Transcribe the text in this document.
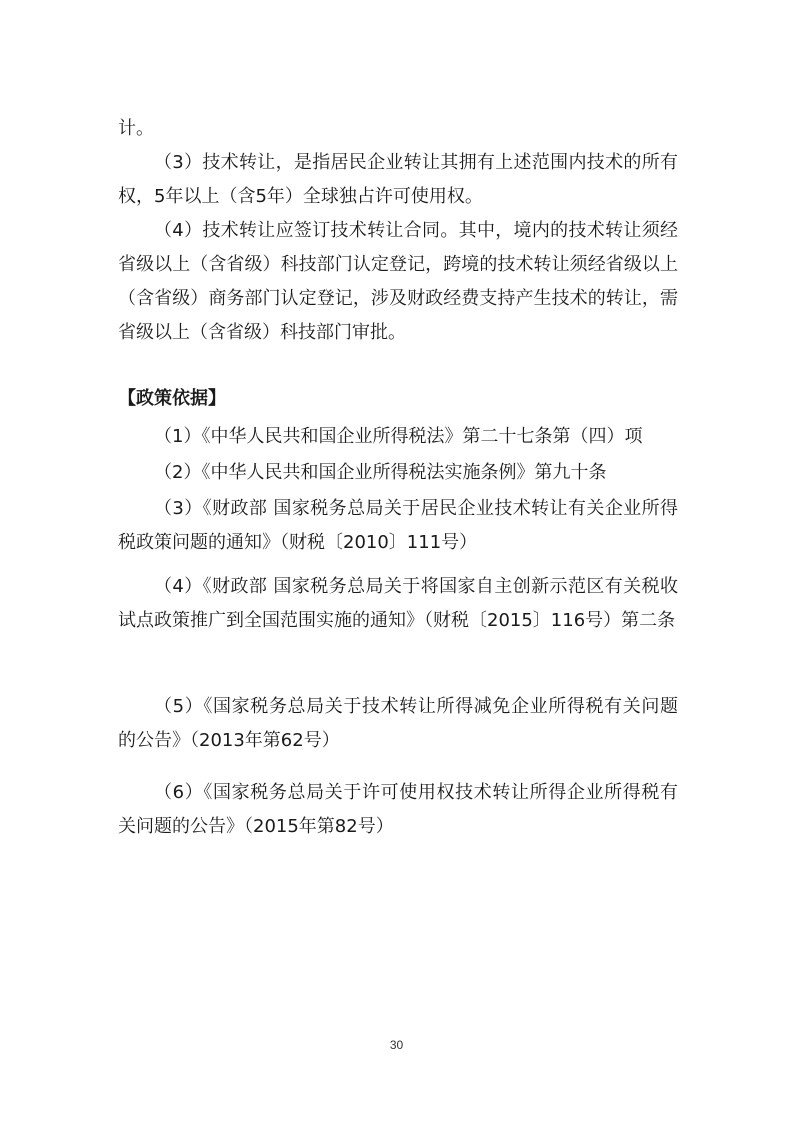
计。

（3）技术转让，是指居民企业转让其拥有上述范围内技术的所有权，5年以上（含5年）全球独占许可使用权。

（4）技术转让应签订技术转让合同。其中，境内的技术转让须经省级以上（含省级）科技部门认定登记，跨境的技术转让须经省级以上（含省级）商务部门认定登记，涉及财政经费支持产生技术的转让，需省级以上（含省级）科技部门审批。

【政策依据】

（1）《中华人民共和国企业所得税法》第二十七条第（四）项

（2）《中华人民共和国企业所得税法实施条例》第九十条

（3）《财政部 国家税务总局关于居民企业技术转让有关企业所得税政策问题的通知》（财税〔2010〕111号）

（4）《财政部 国家税务总局关于将国家自主创新示范区有关税收试点政策推广到全国范围实施的通知》（财税〔2015〕116号）第二条

（5）《国家税务总局关于技术转让所得减免企业所得税有关问题的公告》（2013年第62号）

（6）《国家税务总局关于许可使用权技术转让所得企业所得税有关问题的公告》（2015年第82号）

30
